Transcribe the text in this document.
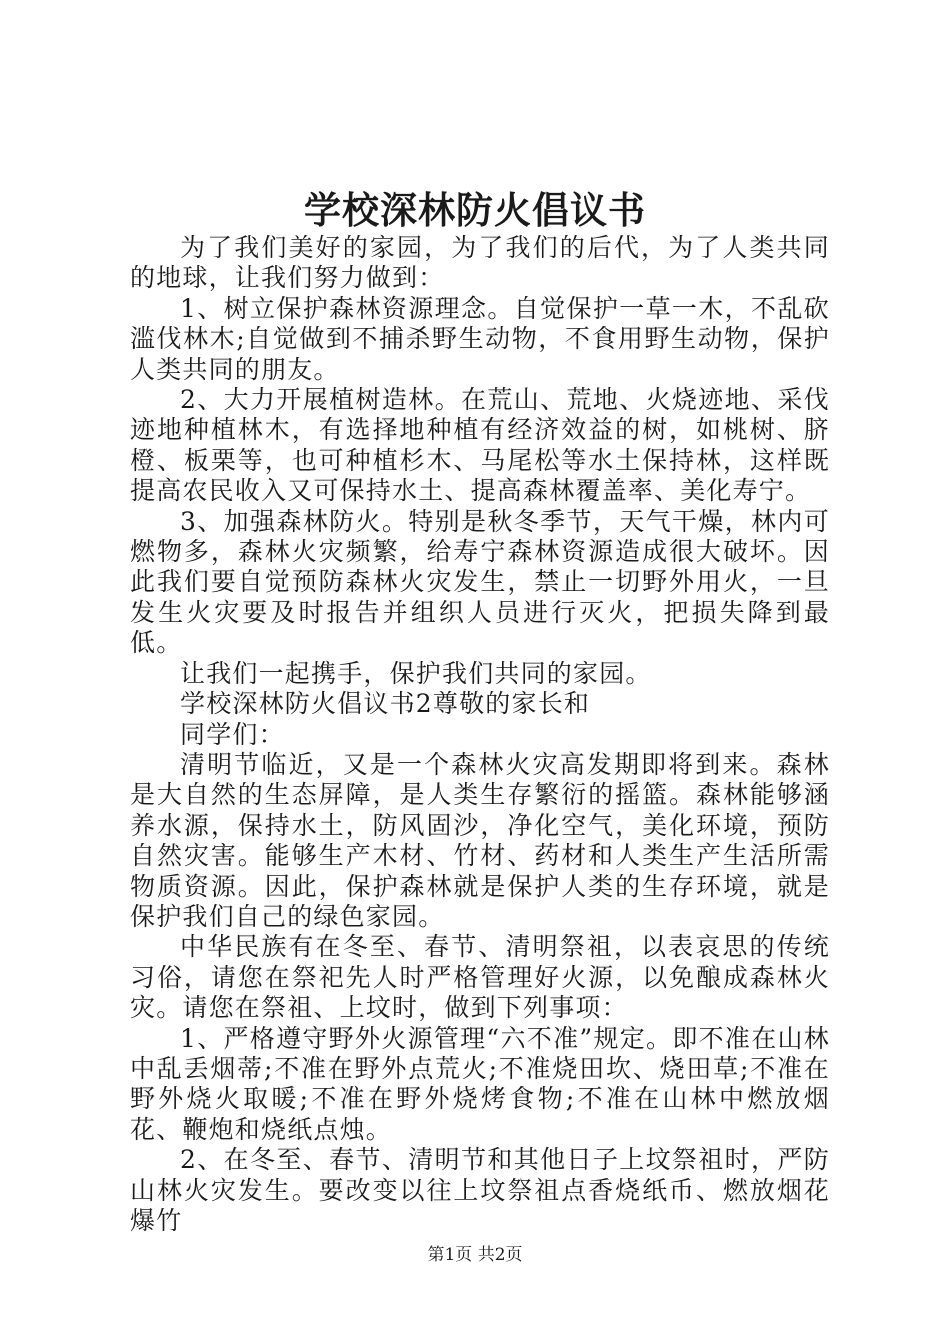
学校深林防火倡议书

为了我们美好的家园，为了我们的后代，为了人类共同的地球，让我们努力做到：

1、树立保护森林资源理念。自觉保护一草一木，不乱砍滥伐林木;自觉做到不捕杀野生动物，不食用野生动物，保护人类共同的朋友。

2、大力开展植树造林。在荒山、荒地、火烧迹地、采伐迹地种植林木，有选择地种植有经济效益的树，如桃树、脐橙、板栗等，也可种植杉木、马尾松等水土保持林，这样既提高农民收入又可保持水土、提高森林覆盖率、美化寿宁。

3、加强森林防火。特别是秋冬季节，天气干燥，林内可燃物多，森林火灾频繁，给寿宁森林资源造成很大破坏。因此我们要自觉预防森林火灾发生，禁止一切野外用火，一旦发生火灾要及时报告并组织人员进行灭火，把损失降到最低。

让我们一起携手，保护我们共同的家园。

学校深林防火倡议书2尊敬的家长和

同学们：

清明节临近，又是一个森林火灾高发期即将到来。森林是大自然的生态屏障，是人类生存繁衍的摇篮。森林能够涵养水源，保持水土，防风固沙，净化空气，美化环境，预防自然灾害。能够生产木材、竹材、药材和人类生产生活所需物质资源。因此，保护森林就是保护人类的生存环境，就是保护我们自己的绿色家园。

中华民族有在冬至、春节、清明祭祖，以表哀思的传统习俗，请您在祭祀先人时严格管理好火源，以免酿成森林火灾。请您在祭祖、上坟时，做到下列事项：

1、严格遵守野外火源管理“六不准”规定。即不准在山林中乱丢烟蒂;不准在野外点荒火;不准烧田坎、烧田草;不准在野外烧火取暖;不准在野外烧烤食物;不准在山林中燃放烟花、鞭炮和烧纸点烛。

2、在冬至、春节、清明节和其他日子上坟祭祖时，严防山林火灾发生。要改变以往上坟祭祖点香烧纸币、燃放烟花爆竹

第1页 共2页
